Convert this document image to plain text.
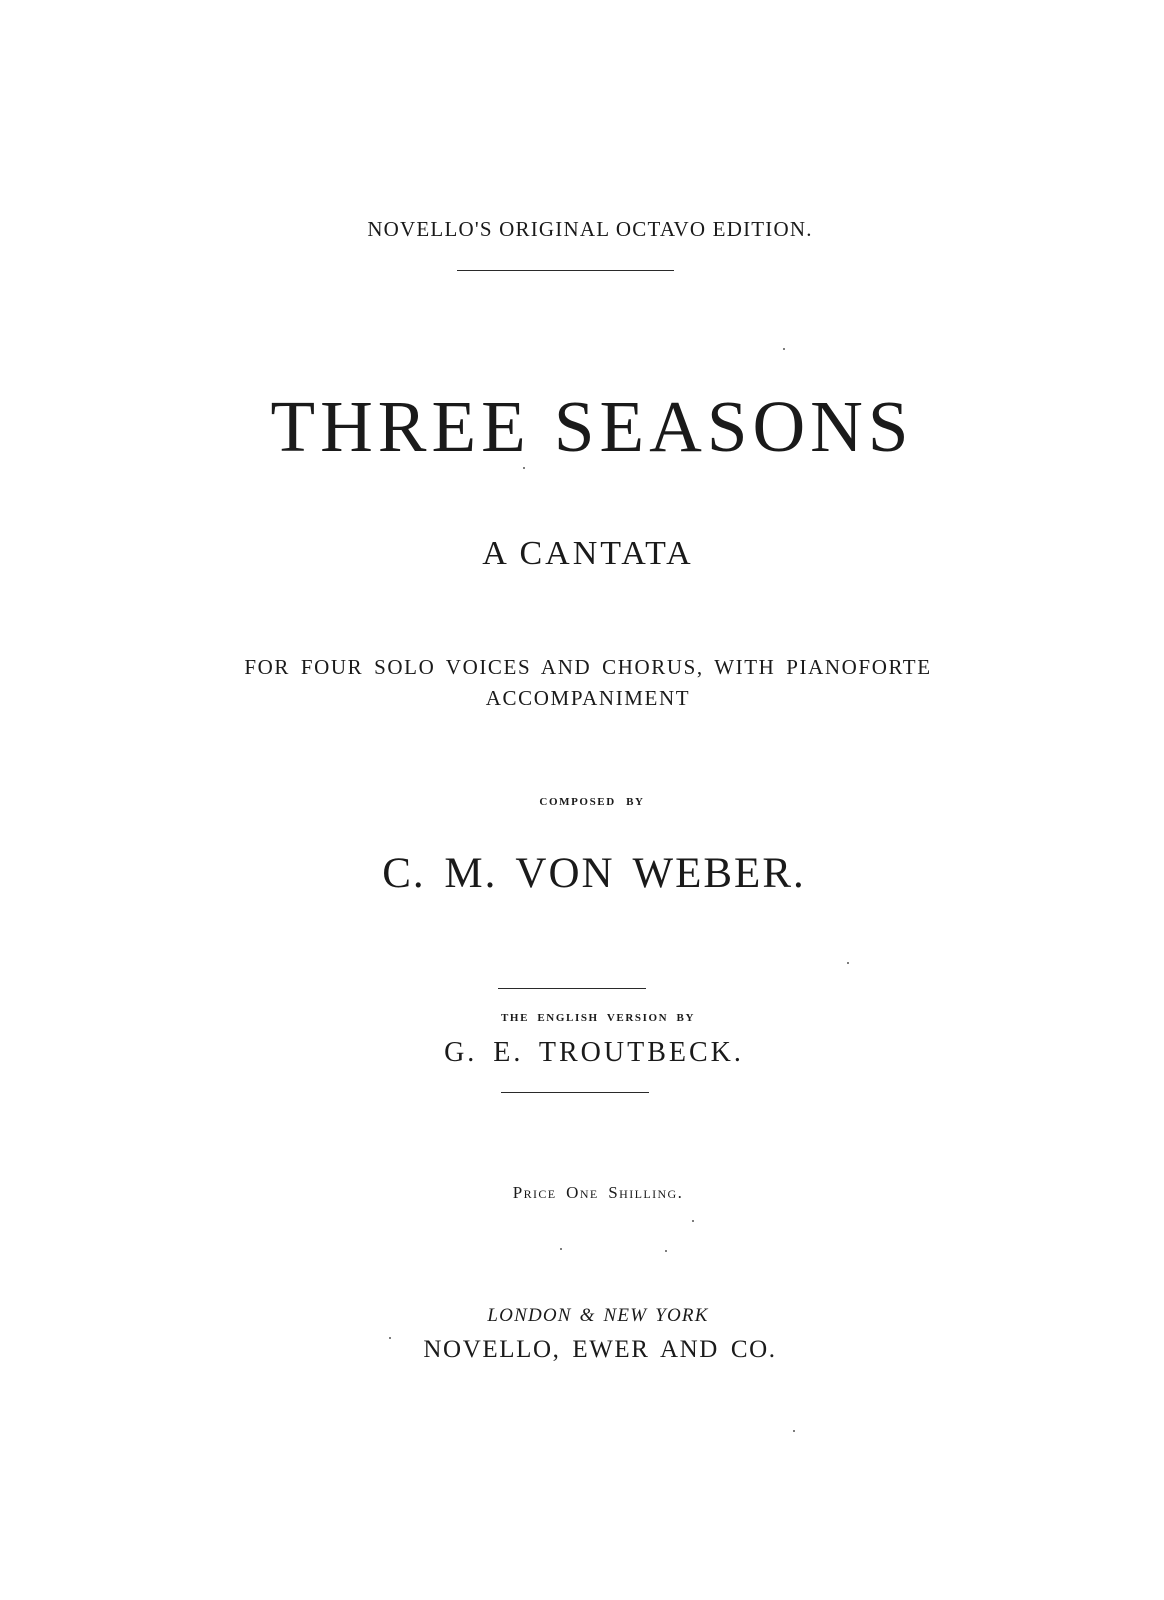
NOVELLO'S ORIGINAL OCTAVO EDITION.
THREE SEASONS
A CANTATA
FOR FOUR SOLO VOICES AND CHORUS, WITH PIANOFORTE
ACCOMPANIMENT
COMPOSED BY
C. M. VON WEBER.
THE ENGLISH VERSION BY
G. E. TROUTBECK.
Price One Shilling.
LONDON & NEW YORK
NOVELLO, EWER AND CO.
